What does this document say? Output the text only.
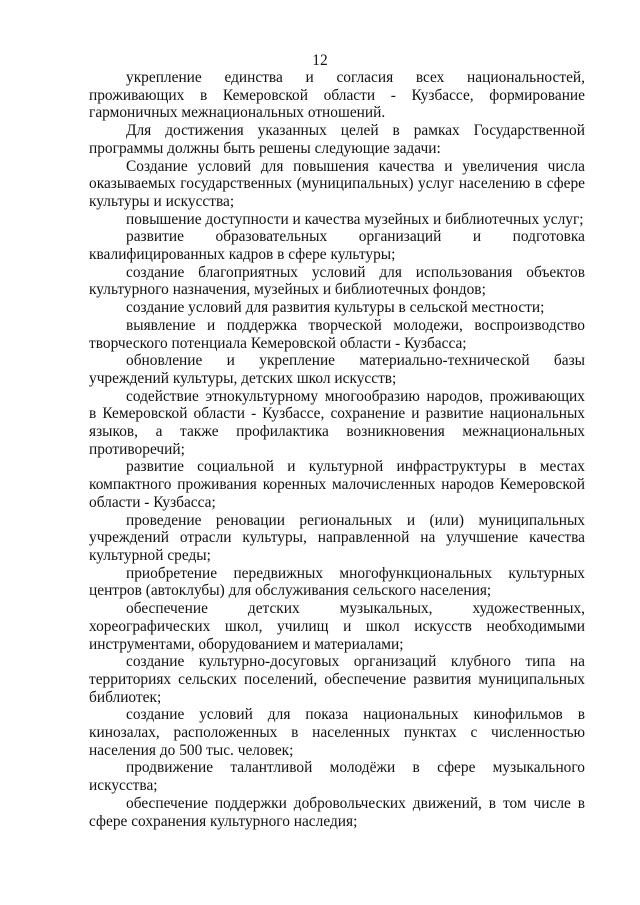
12

укрепление единства и согласия всех национальностей, проживающих в Кемеровской области - Кузбассе, формирование гармоничных межнациональных отношений.

Для достижения указанных целей в рамках Государственной программы должны быть решены следующие задачи:

Создание условий для повышения качества и увеличения числа оказываемых государственных (муниципальных) услуг населению в сфере культуры и искусства;

повышение доступности и качества музейных и библиотечных услуг;

развитие образовательных организаций и подготовка квалифицированных кадров в сфере культуры;

создание благоприятных условий для использования объектов культурного назначения, музейных и библиотечных фондов;

создание условий для развития культуры в сельской местности;

выявление и поддержка творческой молодежи, воспроизводство творческого потенциала Кемеровской области - Кузбасса;

обновление и укрепление материально-технической базы учреждений культуры, детских школ искусств;

содействие этнокультурному многообразию народов, проживающих в Кемеровской области - Кузбассе, сохранение и развитие национальных языков, а также профилактика возникновения межнациональных противоречий;

развитие социальной и культурной инфраструктуры в местах компактного проживания коренных малочисленных народов Кемеровской области - Кузбасса;

проведение реновации региональных и (или) муниципальных учреждений отрасли культуры, направленной на улучшение качества культурной среды;

приобретение передвижных многофункциональных культурных центров (автоклубы) для обслуживания сельского населения;

обеспечение детских музыкальных, художественных, хореографических школ, училищ и школ искусств необходимыми инструментами, оборудованием и материалами;

создание культурно-досуговых организаций клубного типа на территориях сельских поселений, обеспечение развития муниципальных библиотек;

создание условий для показа национальных кинофильмов в кинозалах, расположенных в населенных пунктах с численностью населения до 500 тыс. человек;

продвижение талантливой молодёжи в сфере музыкального искусства;

обеспечение поддержки добровольческих движений, в том числе в сфере сохранения культурного наследия;
